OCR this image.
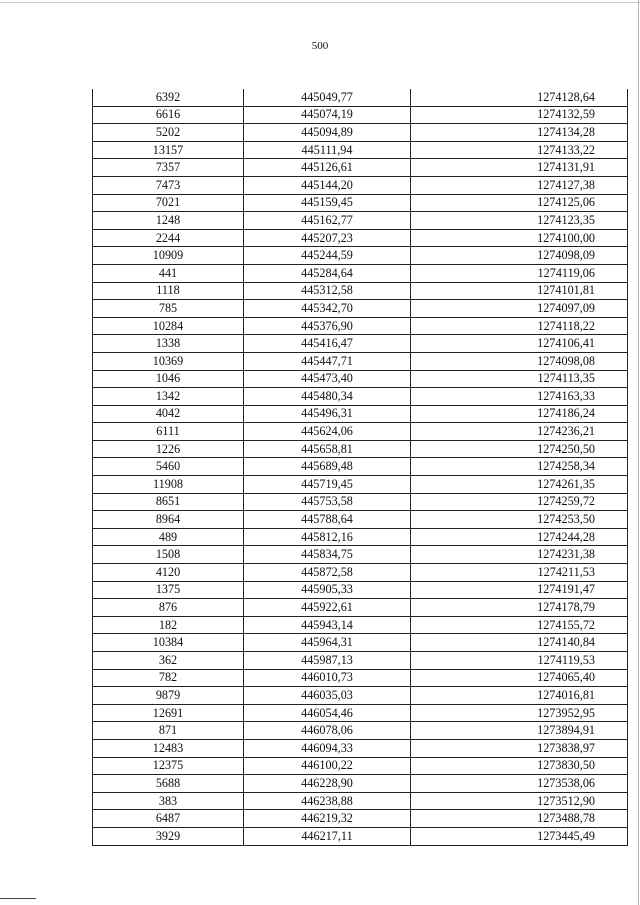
500
6392	445049,77	1274128,64
6616	445074,19	1274132,59
5202	445094,89	1274134,28
13157	445111,94	1274133,22
7357	445126,61	1274131,91
7473	445144,20	1274127,38
7021	445159,45	1274125,06
1248	445162,77	1274123,35
2244	445207,23	1274100,00
10909	445244,59	1274098,09
441	445284,64	1274119,06
1118	445312,58	1274101,81
785	445342,70	1274097,09
10284	445376,90	1274118,22
1338	445416,47	1274106,41
10369	445447,71	1274098,08
1046	445473,40	1274113,35
1342	445480,34	1274163,33
4042	445496,31	1274186,24
6111	445624,06	1274236,21
1226	445658,81	1274250,50
5460	445689,48	1274258,34
11908	445719,45	1274261,35
8651	445753,58	1274259,72
8964	445788,64	1274253,50
489	445812,16	1274244,28
1508	445834,75	1274231,38
4120	445872,58	1274211,53
1375	445905,33	1274191,47
876	445922,61	1274178,79
182	445943,14	1274155,72
10384	445964,31	1274140,84
362	445987,13	1274119,53
782	446010,73	1274065,40
9879	446035,03	1274016,81
12691	446054,46	1273952,95
871	446078,06	1273894,91
12483	446094,33	1273838,97
12375	446100,22	1273830,50
5688	446228,90	1273538,06
383	446238,88	1273512,90
6487	446219,32	1273488,78
3929	446217,11	1273445,49
